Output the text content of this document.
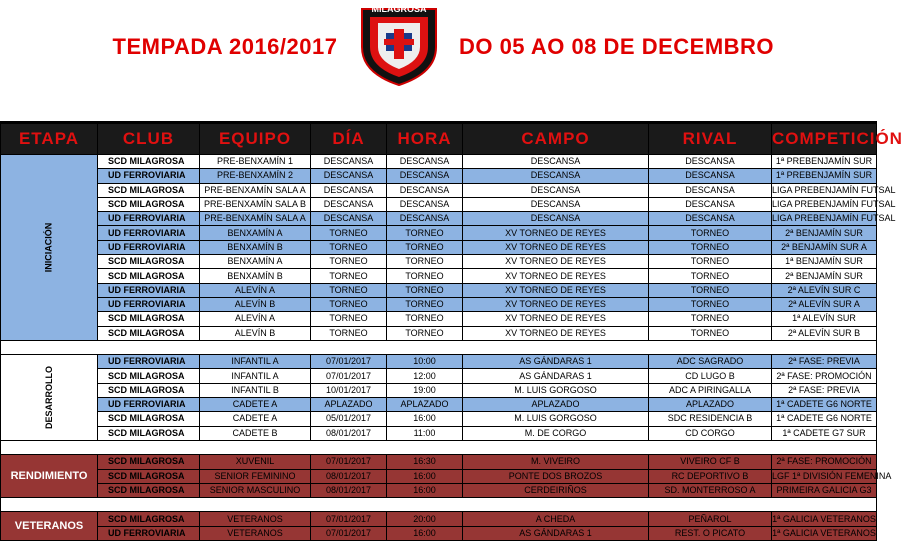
TEMPADA 2016/2017
MILAGROSA
DO 05 AO 08 DE DECEMBRO
ETAPA	CLUB	EQUIPO	DÍA	HORA	CAMPO	RIVAL	COMPETICIÓN
INICIACIÓN	SCD MILAGROSA	PRE-BENXAMÍN 1	DESCANSA	DESCANSA	DESCANSA	DESCANSA	1ª PREBENJAMÍN SUR
	UD FERROVIARIA	PRE-BENXAMÍN 2	DESCANSA	DESCANSA	DESCANSA	DESCANSA	1ª PREBENJAMÍN SUR
	SCD MILAGROSA	PRE-BENXAMÍN SALA A	DESCANSA	DESCANSA	DESCANSA	DESCANSA	LIGA PREBENJAMÍN FUTSAL
	SCD MILAGROSA	PRE-BENXAMÍN SALA B	DESCANSA	DESCANSA	DESCANSA	DESCANSA	LIGA PREBENJAMÍN FUTSAL
	UD FERROVIARIA	PRE-BENXAMÍN SALA A	DESCANSA	DESCANSA	DESCANSA	DESCANSA	LIGA PREBENJAMÍN FUTSAL
	UD FERROVIARIA	BENXAMÍN A	TORNEO	TORNEO	XV TORNEO DE REYES	TORNEO	2ª BENJAMÍN SUR
	UD FERROVIARIA	BENXAMÍN B	TORNEO	TORNEO	XV TORNEO DE REYES	TORNEO	2ª BENJAMÍN SUR A
	SCD MILAGROSA	BENXAMÍN A	TORNEO	TORNEO	XV TORNEO DE REYES	TORNEO	1ª BENJAMÍN SUR
	SCD MILAGROSA	BENXAMÍN B	TORNEO	TORNEO	XV TORNEO DE REYES	TORNEO	2ª BENJAMÍN SUR
	UD FERROVIARIA	ALEVÍN A	TORNEO	TORNEO	XV TORNEO DE REYES	TORNEO	2ª ALEVÍN SUR C
	UD FERROVIARIA	ALEVÍN B	TORNEO	TORNEO	XV TORNEO DE REYES	TORNEO	2ª ALEVÍN SUR A
	SCD MILAGROSA	ALEVÍN A	TORNEO	TORNEO	XV TORNEO DE REYES	TORNEO	1ª ALEVÍN SUR
	SCD MILAGROSA	ALEVÍN B	TORNEO	TORNEO	XV TORNEO DE REYES	TORNEO	2ª ALEVÍN SUR B

DESARROLLO	UD FERROVIARIA	INFANTIL A	07/01/2017	10:00	AS GÁNDARAS 1	ADC SAGRADO	2ª FASE: PREVIA
	SCD MILAGROSA	INFANTIL A	07/01/2017	12:00	AS GÁNDARAS 1	CD LUGO B	2ª FASE: PROMOCIÓN
	SCD MILAGROSA	INFANTIL B	10/01/2017	19:00	M. LUIS GORGOSO	ADC A PIRINGALLA	2ª FASE: PREVIA
	UD FERROVIARIA	CADETE A	APLAZADO	APLAZADO	APLAZADO	APLAZADO	1ª CADETE G6 NORTE
	SCD MILAGROSA	CADETE A	05/01/2017	16:00	M. LUIS GORGOSO	SDC RESIDENCIA B	1ª CADETE G6 NORTE
	SCD MILAGROSA	CADETE B	08/01/2017	11:00	M. DE CORGO	CD CORGO	1ª CADETE G7 SUR

RENDIMIENTO	SCD MILAGROSA	XUVENIL	07/01/2017	16:30	M. VIVEIRO	VIVEIRO CF B	2ª FASE: PROMOCIÓN
	SCD MILAGROSA	SENIOR FEMININO	08/01/2017	16:00	PONTE DOS BROZOS	RC DEPORTIVO B	LGF 1ª DIVISIÓN FEMENINA
	SCD MILAGROSA	SENIOR MASCULINO	08/01/2017	16:00	CERDEIRIÑOS	SD. MONTERROSO A	PRIMEIRA GALICIA G3

VETERANOS	SCD MILAGROSA	VETERANOS	07/01/2017	20:00	A CHEDA	PEÑAROL	1ª GALICIA VETERANOS
	UD FERROVIARIA	VETERANOS	07/01/2017	16:00	AS GÁNDARAS 1	REST. O PICATO	1ª GALICIA VETERANOS
